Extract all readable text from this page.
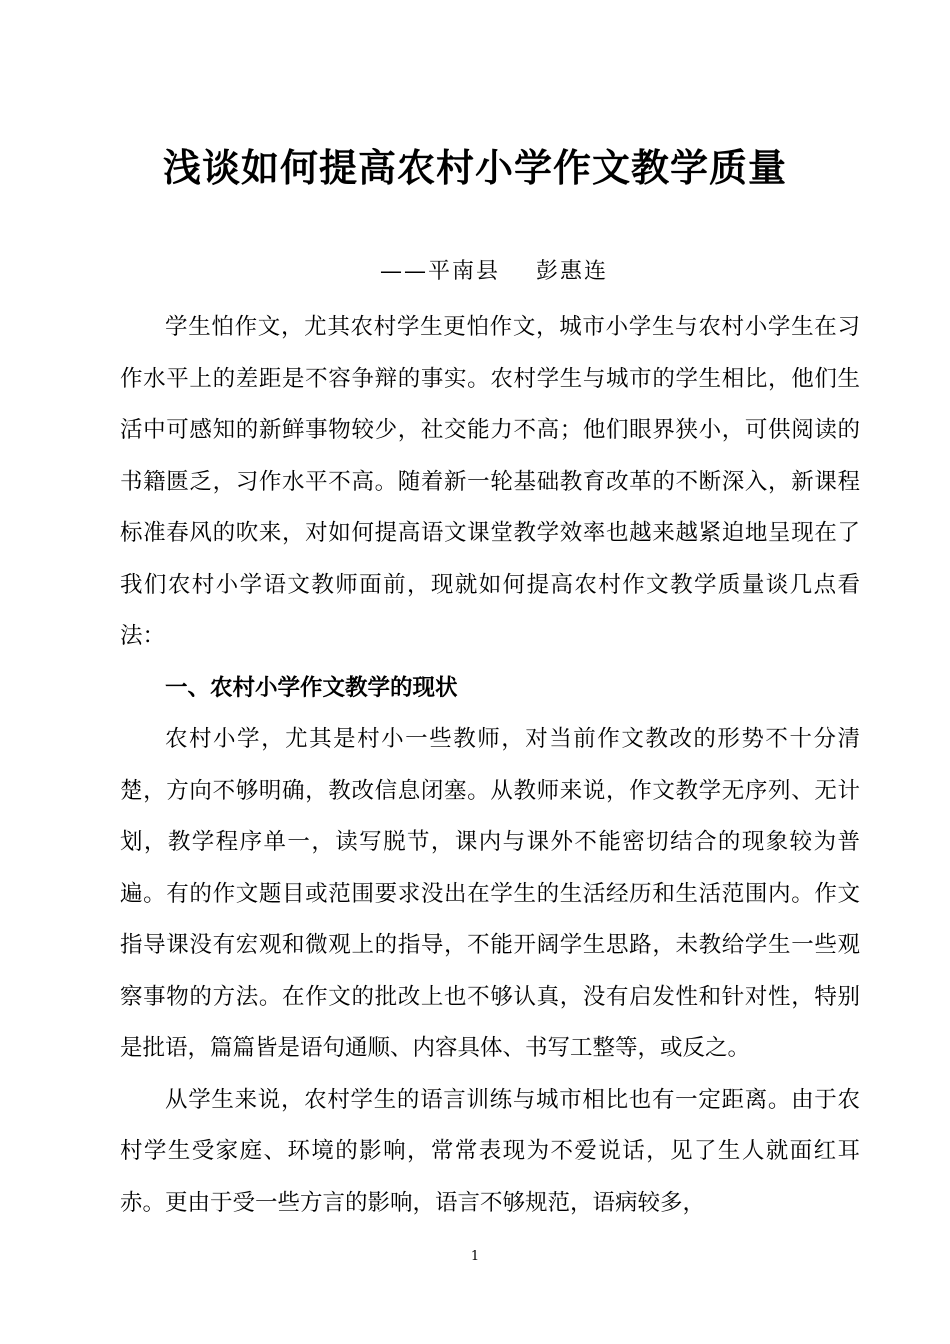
浅谈如何提高农村小学作文教学质量
——平南县    彭惠连

学生怕作文，尤其农村学生更怕作文，城市小学生与农村小学生在习作水平上的差距是不容争辩的事实。农村学生与城市的学生相比，他们生活中可感知的新鲜事物较少，社交能力不高；他们眼界狭小，可供阅读的书籍匮乏，习作水平不高。随着新一轮基础教育改革的不断深入，新课程标准春风的吹来，对如何提高语文课堂教学效率也越来越紧迫地呈现在了我们农村小学语文教师面前，现就如何提高农村作文教学质量谈几点看法：

一、农村小学作文教学的现状

农村小学，尤其是村小一些教师，对当前作文教改的形势不十分清楚，方向不够明确，教改信息闭塞。从教师来说，作文教学无序列、无计划，教学程序单一，读写脱节，课内与课外不能密切结合的现象较为普遍。有的作文题目或范围要求没出在学生的生活经历和生活范围内。作文指导课没有宏观和微观上的指导，不能开阔学生思路，未教给学生一些观察事物的方法。在作文的批改上也不够认真，没有启发性和针对性，特别是批语，篇篇皆是语句通顺、内容具体、书写工整等，或反之。

从学生来说，农村学生的语言训练与城市相比也有一定距离。由于农村学生受家庭、环境的影响，常常表现为不爱说话，见了生人就面红耳赤。更由于受一些方言的影响，语言不够规范，语病较多，

1
